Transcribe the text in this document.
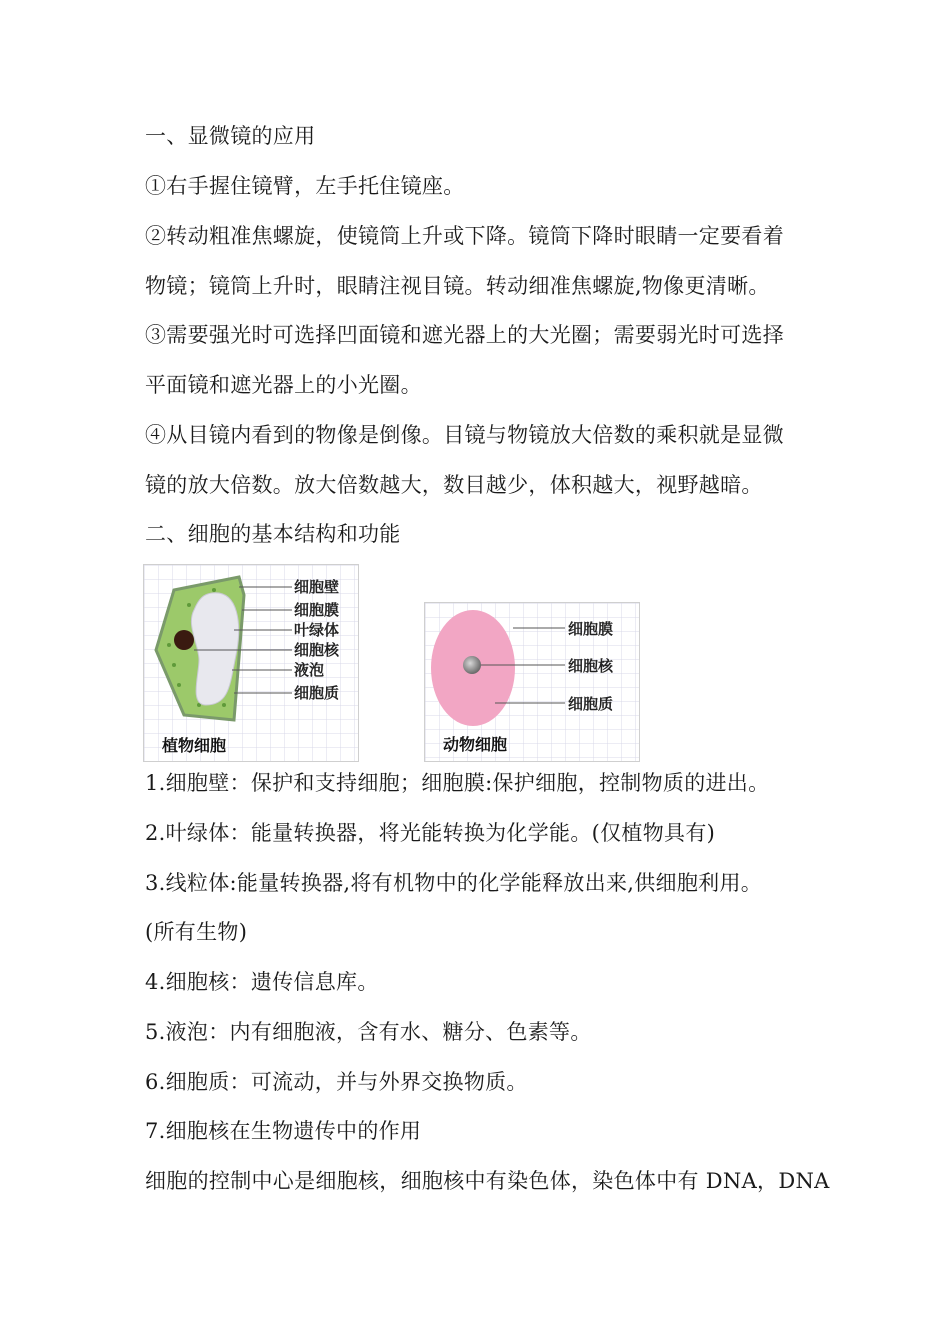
一、显微镜的应用
①右手握住镜臂，左手托住镜座。
②转动粗准焦螺旋，使镜筒上升或下降。镜筒下降时眼睛一定要看着
物镜；镜筒上升时，眼睛注视目镜。转动细准焦螺旋,物像更清晰。
③需要强光时可选择凹面镜和遮光器上的大光圈；需要弱光时可选择
平面镜和遮光器上的小光圈。
④从目镜内看到的物像是倒像。目镜与物镜放大倍数的乘积就是显微
镜的放大倍数。放大倍数越大，数目越少，体积越大，视野越暗。
二、细胞的基本结构和功能
细胞壁
细胞膜
叶绿体
细胞核
液泡
细胞质
植物细胞
细胞膜
细胞核
细胞质
动物细胞
1.细胞壁：保护和支持细胞；细胞膜:保护细胞，控制物质的进出。
2.叶绿体：能量转换器，将光能转换为化学能。(仅植物具有)
3.线粒体:能量转换器,将有机物中的化学能释放出来,供细胞利用。
(所有生物)
4.细胞核：遗传信息库。
5.液泡：内有细胞液，含有水、糖分、色素等。
6.细胞质：可流动，并与外界交换物质。
7.细胞核在生物遗传中的作用
细胞的控制中心是细胞核，细胞核中有染色体，染色体中有 DNA，DNA
